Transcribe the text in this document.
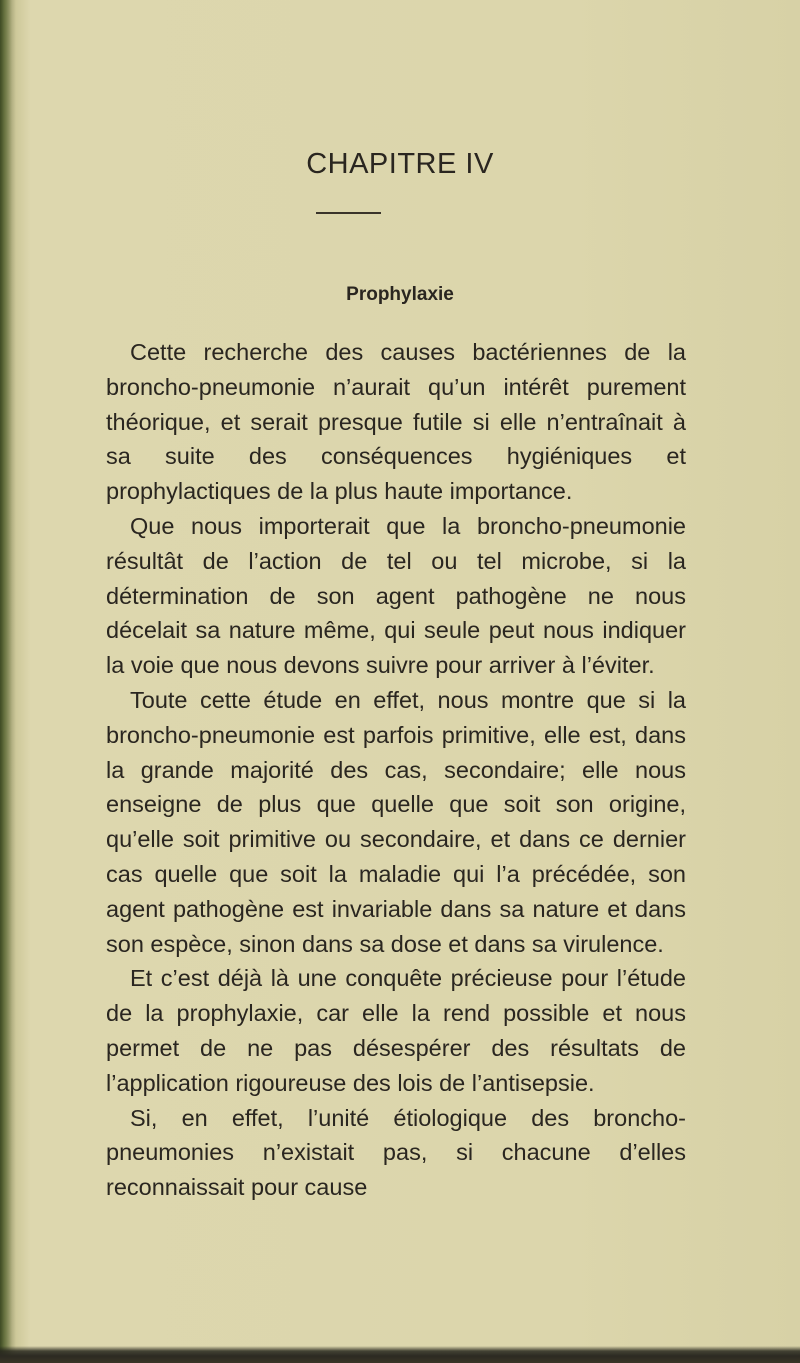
CHAPITRE IV
Prophylaxie

Cette recherche des causes bactériennes de la broncho-pneumonie n’aurait qu’un intérêt purement théorique, et serait presque futile si elle n’entraînait à sa suite des conséquences hygiéniques et prophylactiques de la plus haute importance.

Que nous importerait que la broncho-pneumonie résultât de l’action de tel ou tel microbe, si la détermination de son agent pathogène ne nous décelait sa nature même, qui seule peut nous indiquer la voie que nous devons suivre pour arriver à l’éviter.

Toute cette étude en effet, nous montre que si la broncho-pneumonie est parfois primitive, elle est, dans la grande majorité des cas, secondaire; elle nous enseigne de plus que quelle que soit son origine, qu’elle soit primitive ou secondaire, et dans ce dernier cas quelle que soit la maladie qui l’a précédée, son agent pathogène est invariable dans sa nature et dans son espèce, sinon dans sa dose et dans sa virulence.

Et c’est déjà là une conquête précieuse pour l’étude de la prophylaxie, car elle la rend possible et nous permet de ne pas désespérer des résultats de l’application rigoureuse des lois de l’antisepsie.

Si, en effet, l’unité étiologique des broncho-pneumonies n’existait pas, si chacune d’elles reconnaissait pour cause
